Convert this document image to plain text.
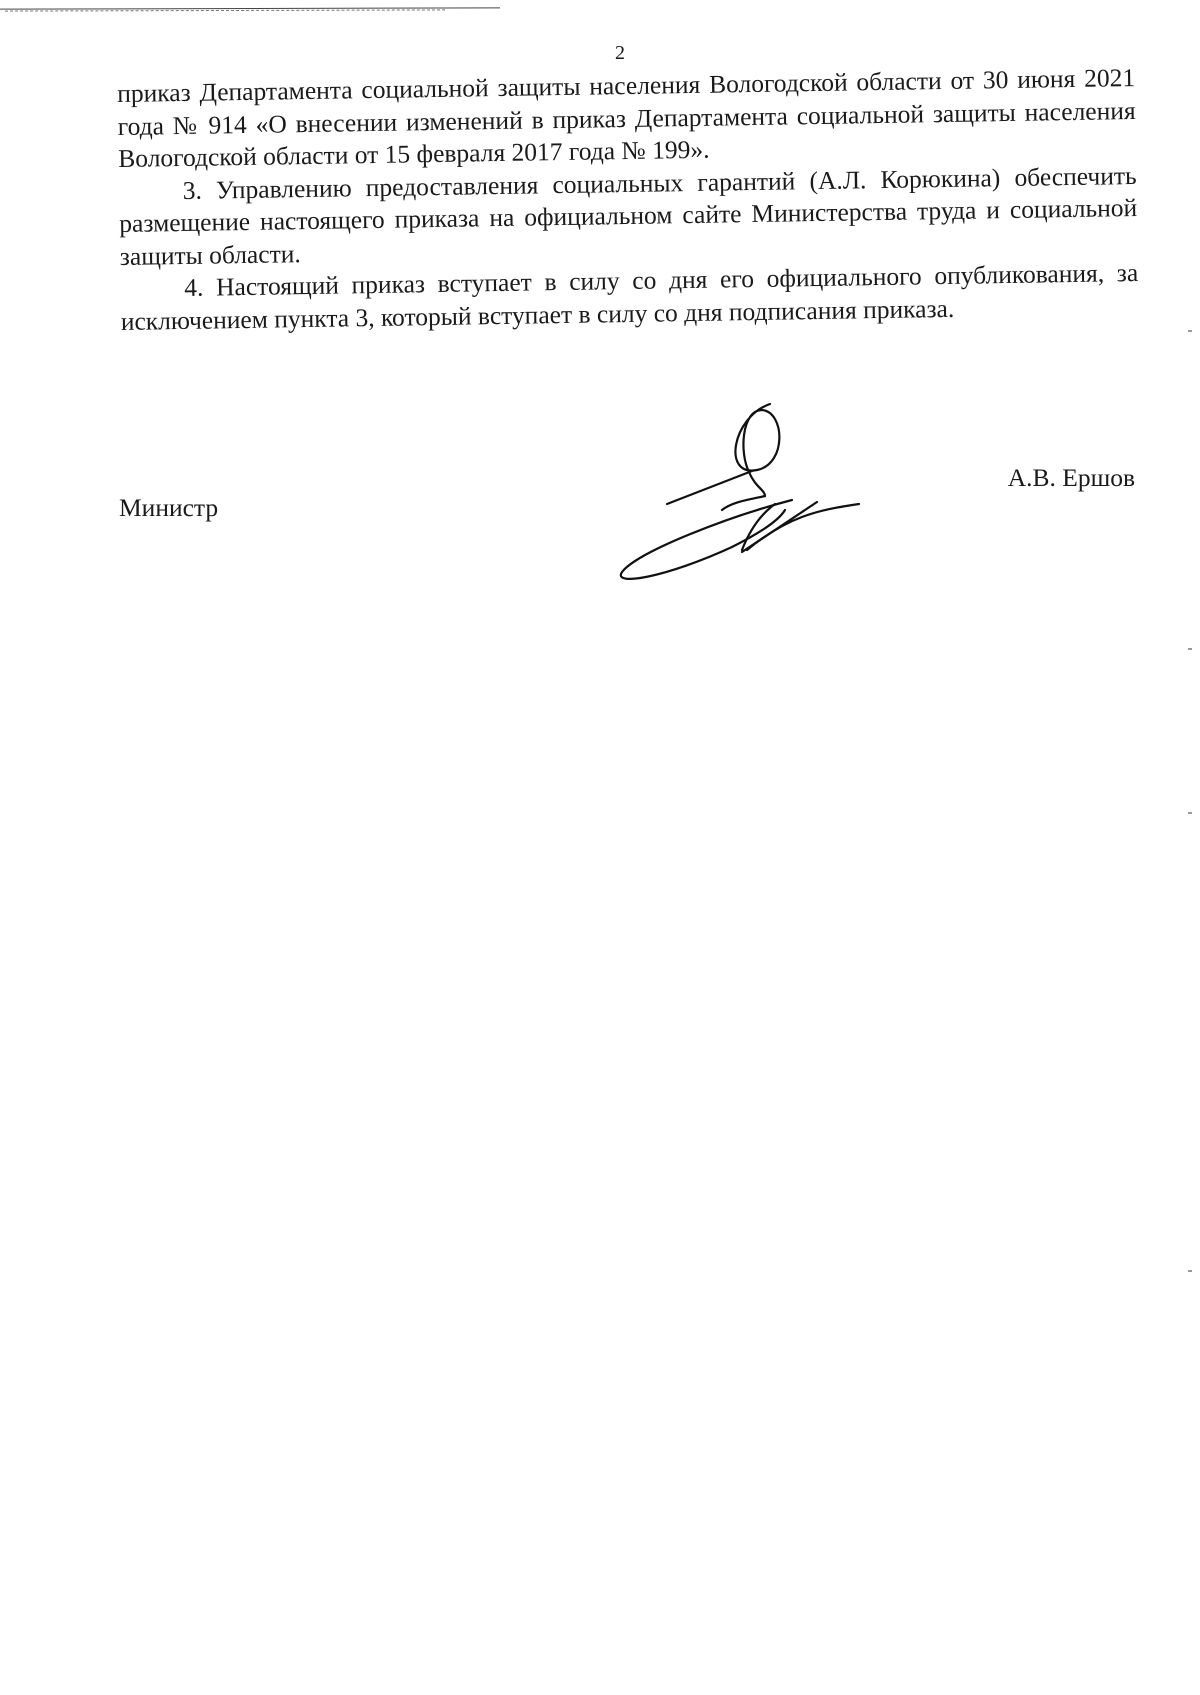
2

приказ Департамента социальной защиты населения Вологодской области от 30 июня 2021 года № 914 «О внесении изменений в приказ Департамента социальной защиты населения Вологодской области от 15 февраля 2017 года № 199».

3. Управлению предоставления социальных гарантий (А.Л. Корюкина) обеспечить размещение настоящего приказа на официальном сайте Министерства труда и социальной защиты области.

4. Настоящий приказ вступает в силу со дня его официального опубликования, за исключением пункта 3, который вступает в силу со дня подписания приказа.

Министр
А.В. Ершов
